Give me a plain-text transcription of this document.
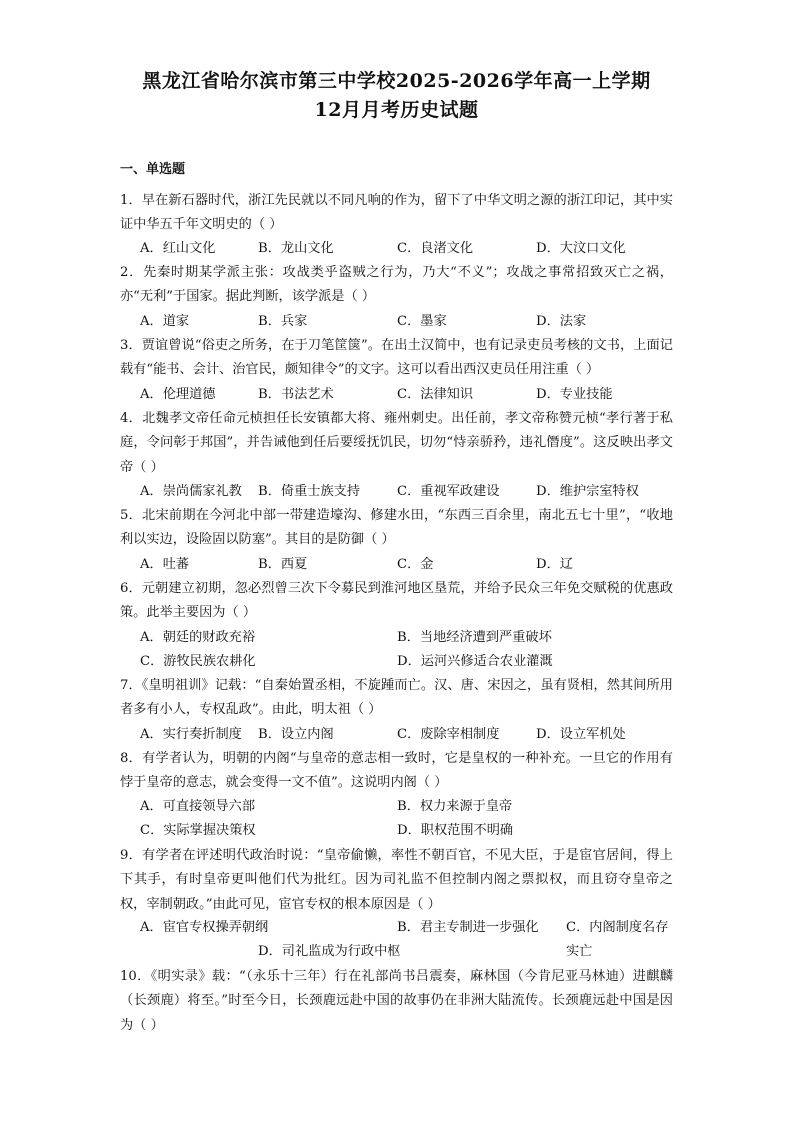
黑龙江省哈尔滨市第三中学校2025-2026学年高一上学期
12月月考历史试题
一、单选题
1．早在新石器时代，浙江先民就以不同凡响的作为，留下了中华文明之源的浙江印记，其中实证中华五千年文明史的（ ）
A．红山文化	B．龙山文化	C．良渚文化	D．大汶口文化
2．先秦时期某学派主张：攻战类乎盗贼之行为，乃大“不义”；攻战之事常招致灭亡之祸，亦“无利”于国家。据此判断，该学派是（ ）
A．道家	B．兵家	C．墨家	D．法家
3．贾谊曾说“俗吏之所务，在于刀笔筐箧”。在出土汉简中，也有记录吏员考核的文书，上面记载有“能书、会计、治官民，颇知律令”的文字。这可以看出西汉吏员任用注重（ ）
A．伦理道德	B．书法艺术	C．法律知识	D．专业技能
4．北魏孝文帝任命元桢担任长安镇都大将、雍州刺史。出任前，孝文帝称赞元桢“孝行著于私庭，令问彰于邦国”，并告诫他到任后要绥抚饥民，切勿“恃亲骄矜，违礼僭度”。这反映出孝文帝（ ）
A．崇尚儒家礼教 B．倚重士族支持	C．重视军政建设	D．维护宗室特权
5．北宋前期在今河北中部一带建造壕沟、修建水田，“东西三百余里，南北五七十里”，“收地利以实边，设险固以防塞”。其目的是防御（ ）
A．吐蕃	B．西夏	C．金	D．辽
6．元朝建立初期，忽必烈曾三次下令募民到淮河地区垦荒，并给予民众三年免交赋税的优惠政策。此举主要因为（ ）
A．朝廷的财政充裕	B．当地经济遭到严重破坏
C．游牧民族农耕化	D．运河兴修适合农业灌溉
7．《皇明祖训》记载：“自秦始置丞相，不旋踵而亡。汉、唐、宋因之，虽有贤相，然其间所用者多有小人，专权乱政”。由此，明太祖（ ）
A．实行奏折制度 B．设立内阁	C．废除宰相制度	D．设立军机处
8．有学者认为，明朝的内阁“与皇帝的意志相一致时，它是皇权的一种补充。一旦它的作用有悖于皇帝的意志，就会变得一文不值”。这说明内阁（ ）
A．可直接领导六部	B．权力来源于皇帝
C．实际掌握决策权	D．职权范围不明确
9．有学者在评述明代政治时说：“皇帝偷懒，率性不朝百官，不见大臣，于是宦官居间，得上下其手，有时皇帝更叫他们代为批红。因为司礼监不但控制内阁之票拟权，而且窃夺皇帝之权，宰制朝政。”由此可见，宦官专权的根本原因是（ ）
A．宦官专权操弄朝纲	B．君主专制进一步强化 C．内阁制度名存实亡
D．司礼监成为行政中枢
10．《明实录》载：“（永乐十三年）行在礼部尚书吕震奏，麻林国（今肯尼亚马林迪）进麒麟（长颈鹿）将至。”时至今日，长颈鹿远赴中国的故事仍在非洲大陆流传。长颈鹿远赴中国是因为（ ）
